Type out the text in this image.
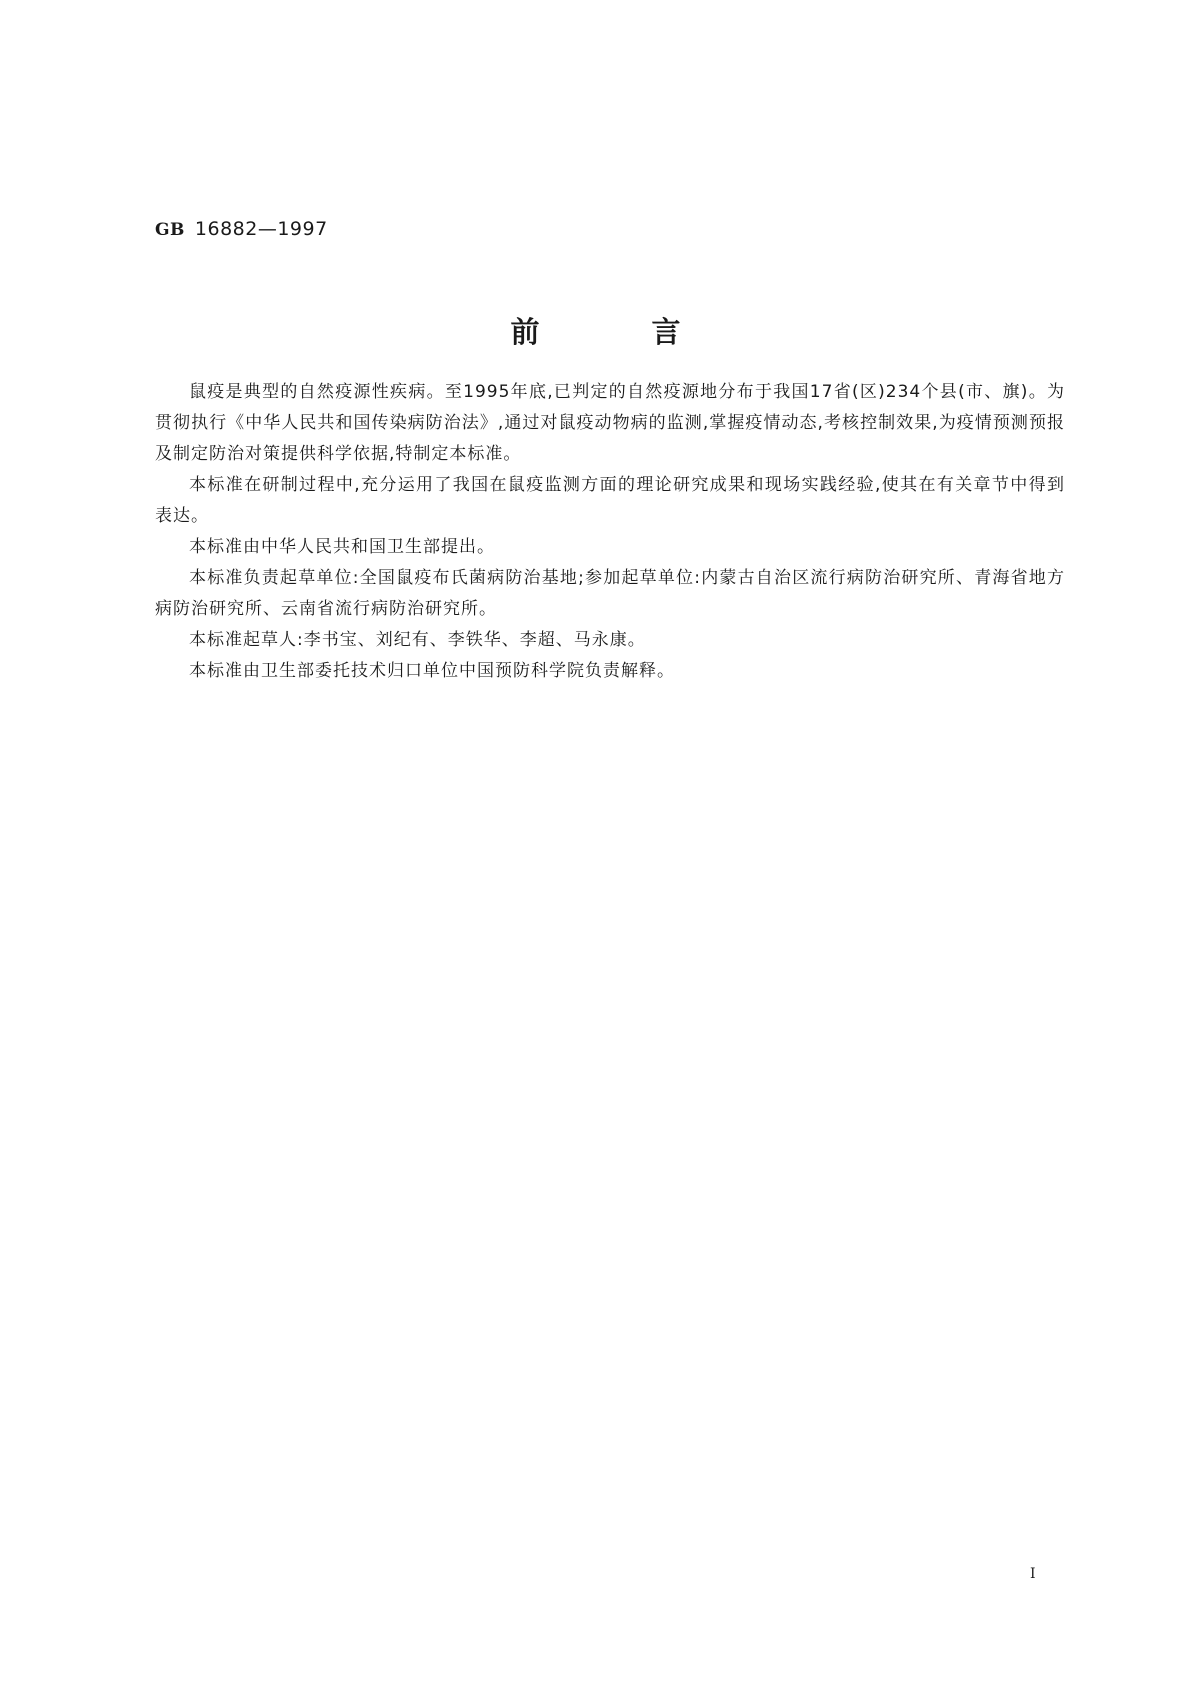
GB 16882—1997
前言

鼠疫是典型的自然疫源性疾病。至1995年底,已判定的自然疫源地分布于我国17省(区)234个县(市、旗)。为贯彻执行《中华人民共和国传染病防治法》,通过对鼠疫动物病的监测,掌握疫情动态,考核控制效果,为疫情预测预报及制定防治对策提供科学依据,特制定本标准。

本标准在研制过程中,充分运用了我国在鼠疫监测方面的理论研究成果和现场实践经验,使其在有关章节中得到表达。

本标准由中华人民共和国卫生部提出。

本标准负责起草单位:全国鼠疫布氏菌病防治基地;参加起草单位:内蒙古自治区流行病防治研究所、青海省地方病防治研究所、云南省流行病防治研究所。

本标准起草人:李书宝、刘纪有、李铁华、李超、马永康。

本标准由卫生部委托技术归口单位中国预防科学院负责解释。

I
